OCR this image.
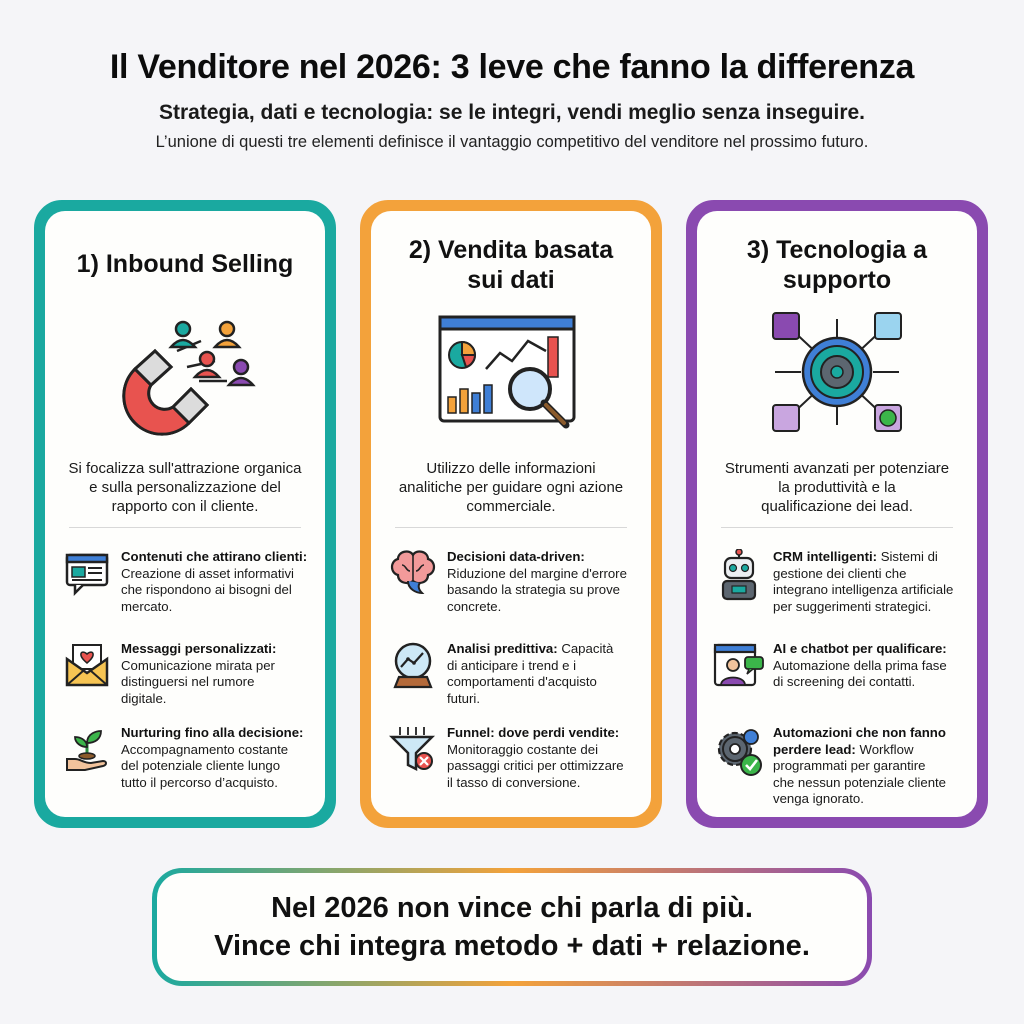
Il Venditore nel 2026: 3 leve che fanno la differenza
Strategia, dati e tecnologia: se le integri, vendi meglio senza inseguire.
L’unione di questi tre elementi definisce il vantaggio competitivo del venditore nel prossimo futuro.
1) Inbound Selling
Si focalizza sull'attrazione organica
e sulla personalizzazione del
rapporto con il cliente.
Contenuti che attirano clienti:
Creazione di asset informativi
che rispondono ai bisogni del
mercato.
Messaggi personalizzati:
Comunicazione mirata per
distinguersi nel rumore
digitale.
Nurturing fino alla decisione:
Accompagnamento costante
del potenziale cliente lungo
tutto il percorso d’acquisto.
2) Vendita basata
sui dati
Utilizzo delle informazioni
analitiche per guidare ogni azione
commerciale.
Decisioni data-driven:
Riduzione del margine d'errore
basando la strategia su prove
concrete.
Analisi predittiva: Capacità
di anticipare i trend e i
comportamenti d'acquisto
futuri.
Funnel: dove perdi vendite:
Monitoraggio costante dei
passaggi critici per ottimizzare
il tasso di conversione.
3) Tecnologia a
supporto
Strumenti avanzati per potenziare
la produttività e la
qualificazione dei lead.
CRM intelligenti: Sistemi di
gestione dei clienti che
integrano intelligenza artificiale
per suggerimenti strategici.
AI e chatbot per qualificare:
Automazione della prima fase
di screening dei contatti.
Automazioni che non fanno
perdere lead: Workflow
programmati per garantire
che nessun potenziale cliente
venga ignorato.
Nel 2026 non vince chi parla di più.
Vince chi integra metodo + dati + relazione.
